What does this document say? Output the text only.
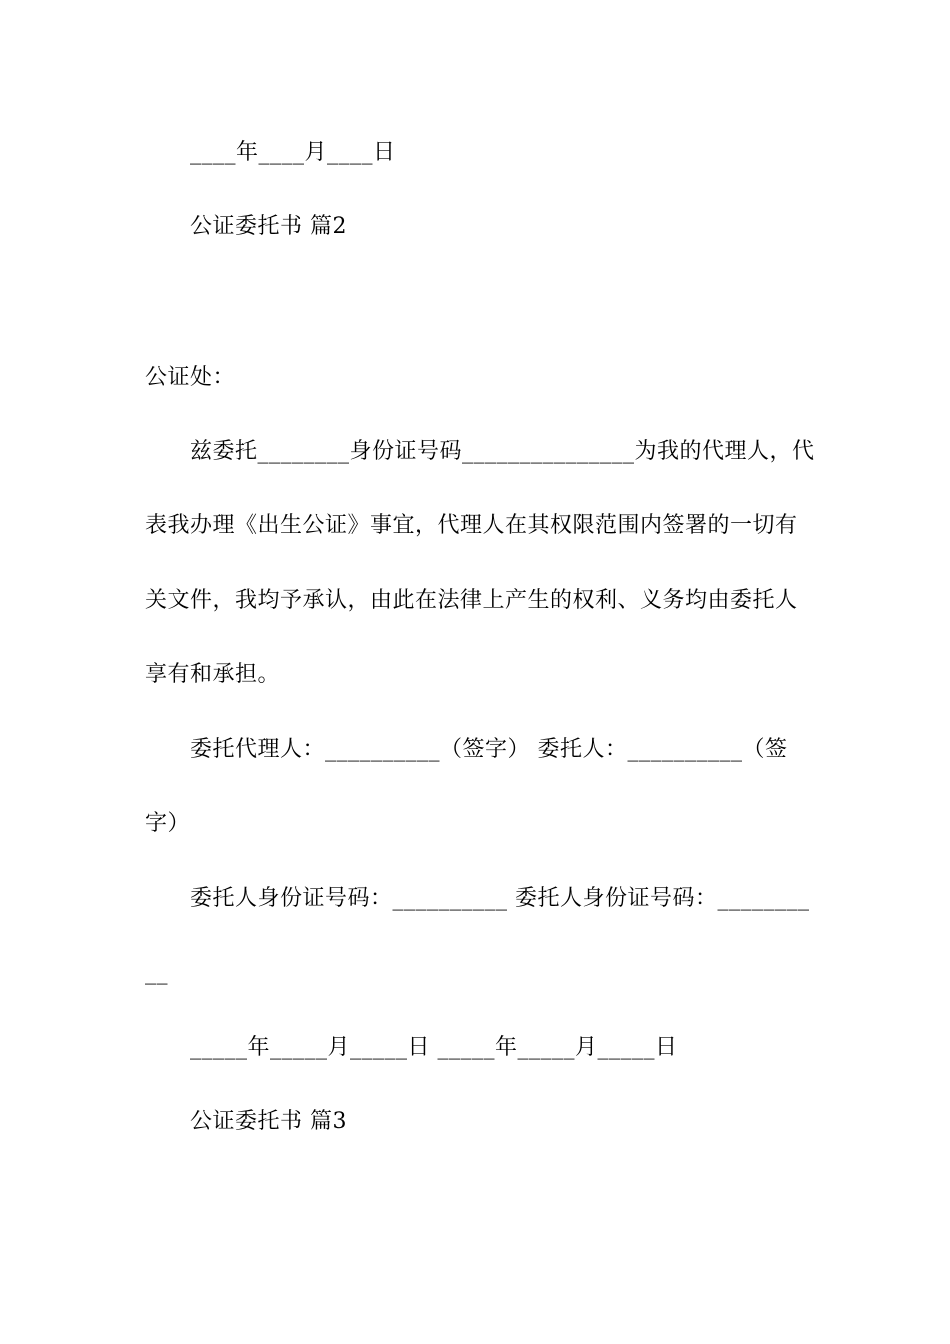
____年____月____日
公证委托书 篇2
公证处：
兹委托________身份证号码_______________为我的代理人，代
表我办理《出生公证》事宜，代理人在其权限范围内签署的一切有
关文件，我均予承认，由此在法律上产生的权利、义务均由委托人
享有和承担。
委托代理人：__________（签字） 委托人：__________（签
字）
委托人身份证号码：__________ 委托人身份证号码：________
__
_____年_____月_____日 _____年_____月_____日
公证委托书 篇3
